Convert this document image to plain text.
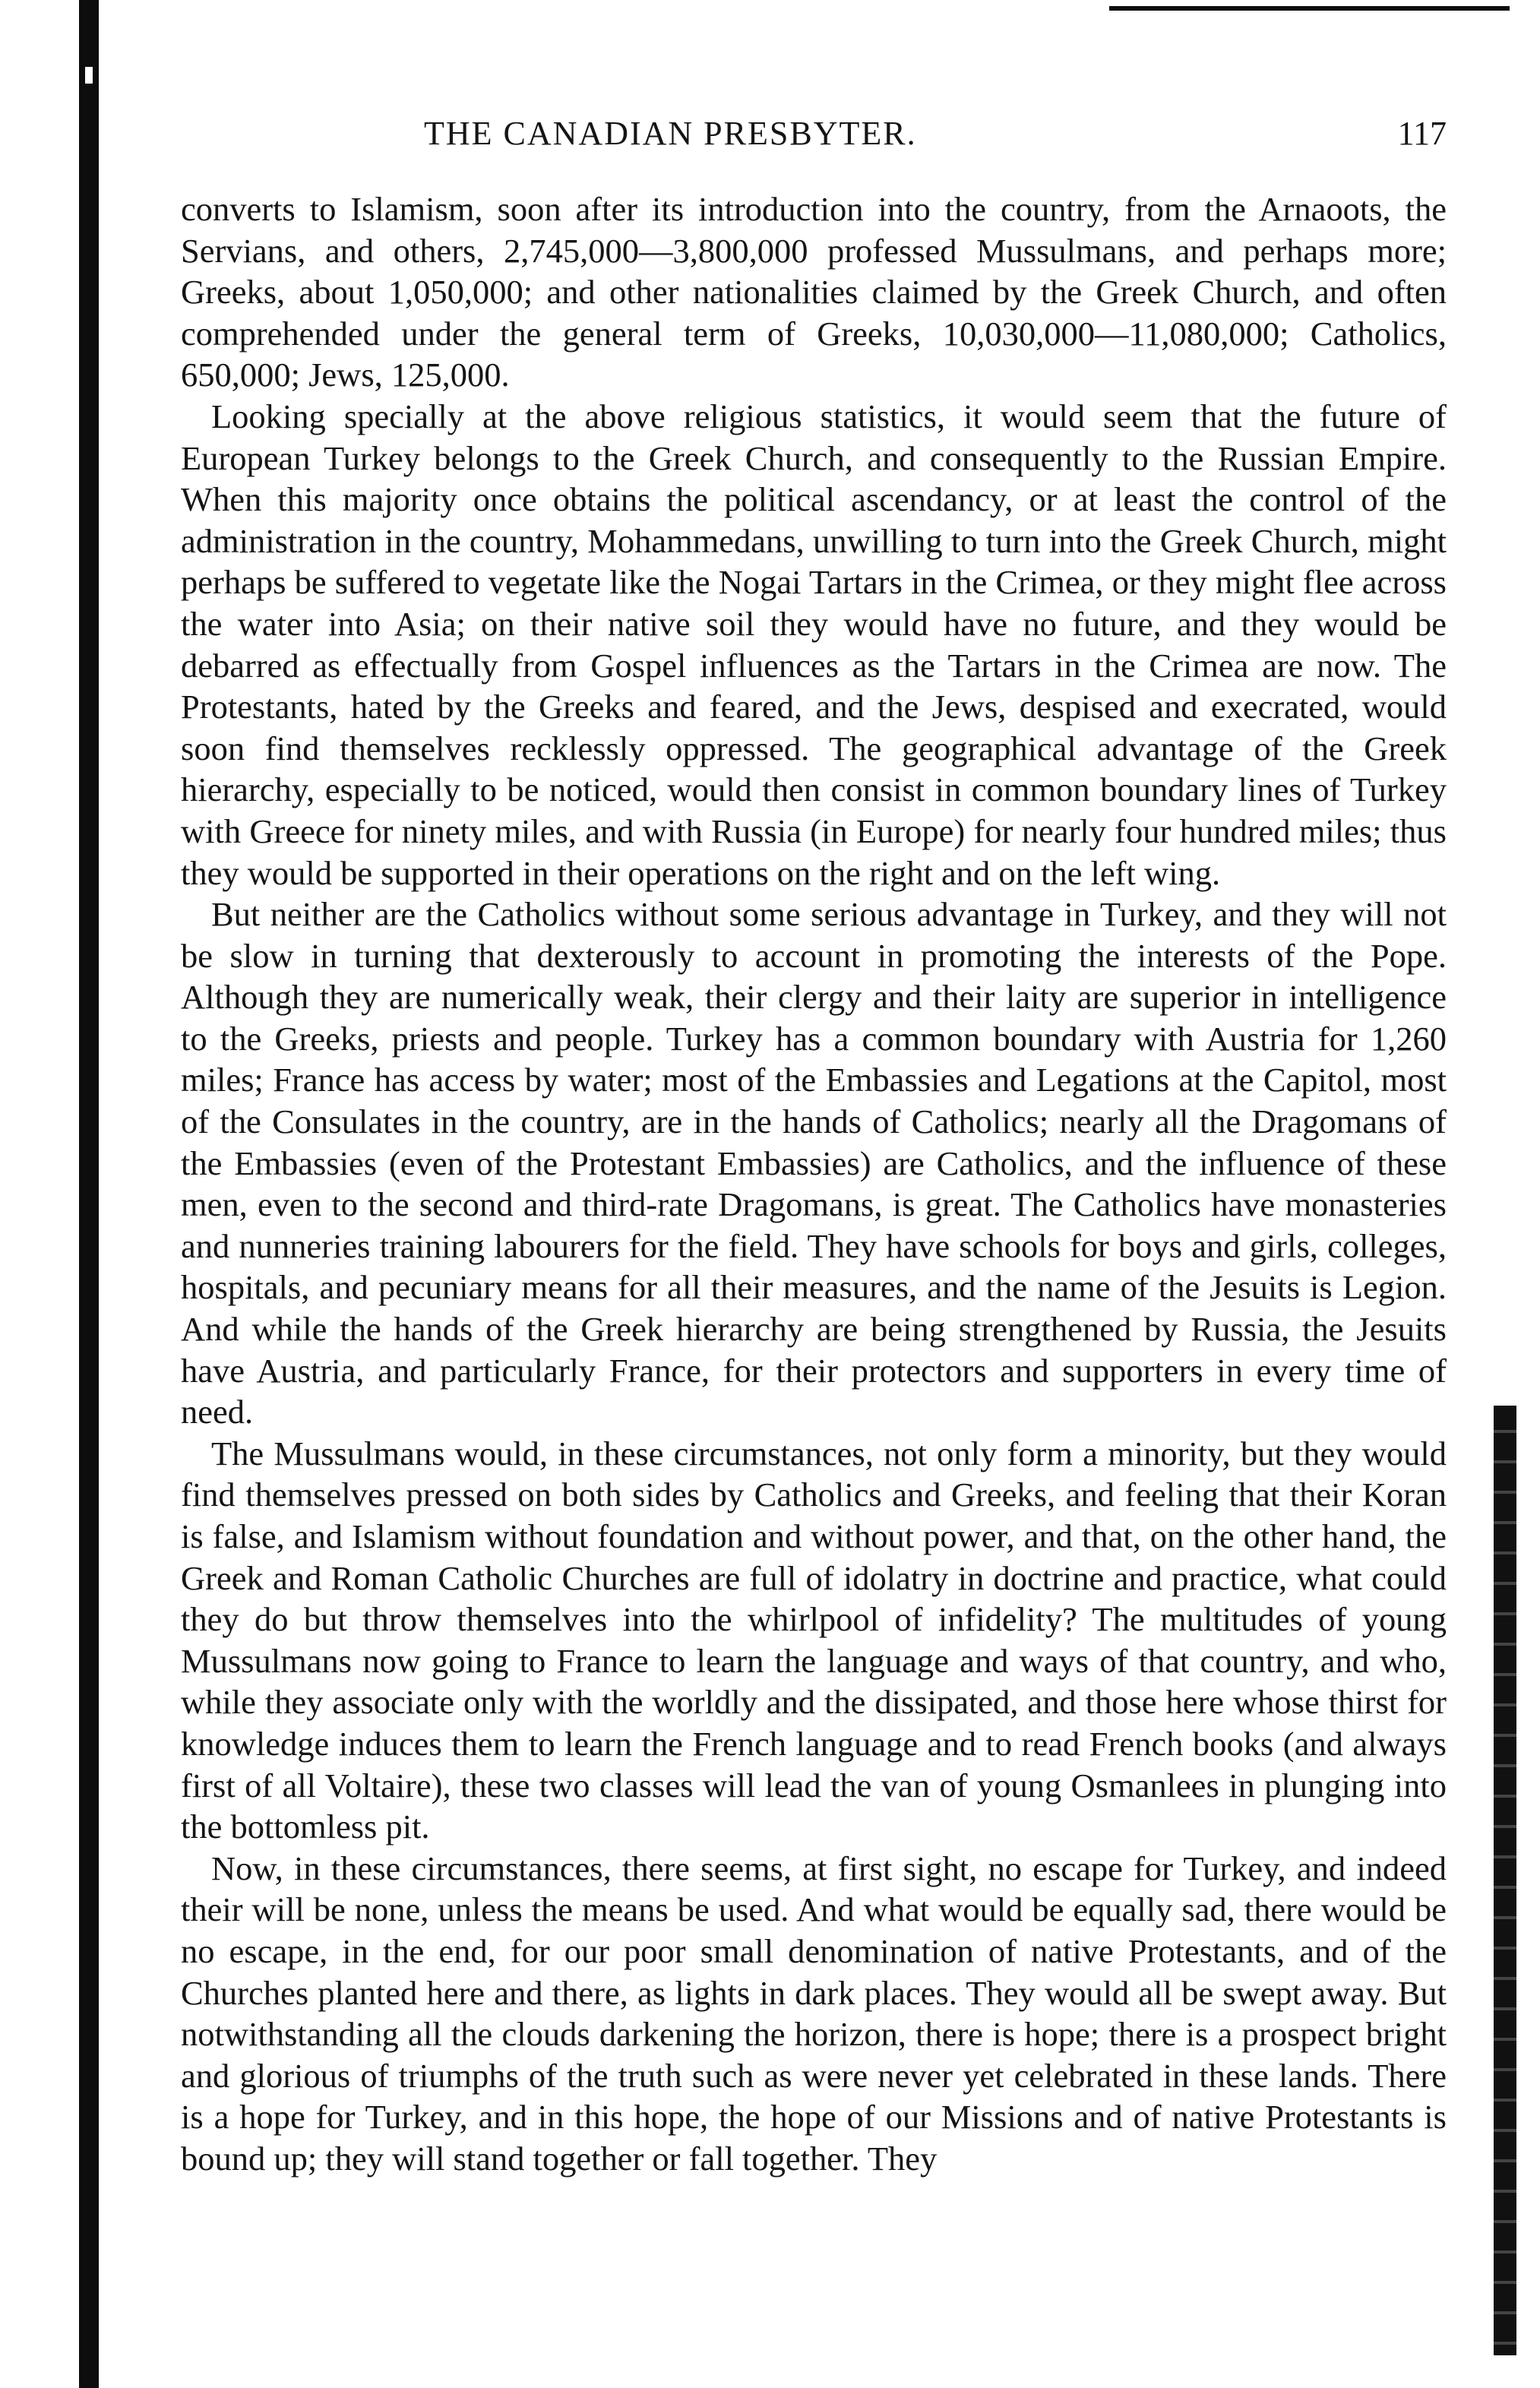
THE CANADIAN PRESBYTER.	117

converts to Islamism, soon after its introduction into the country, from the Arnaoots, the Servians, and others, 2,745,000—3,800,000 professed Mussulmans, and perhaps more; Greeks, about 1,050,000; and other nationalities claimed by the Greek Church, and often comprehended under the general term of Greeks, 10,030,000—11,080,000; Catholics, 650,000; Jews, 125,000.

Looking specially at the above religious statistics, it would seem that the future of European Turkey belongs to the Greek Church, and consequently to the Russian Empire. When this majority once obtains the political ascendancy, or at least the control of the administration in the country, Mohammedans, unwilling to turn into the Greek Church, might perhaps be suffered to vegetate like the Nogai Tartars in the Crimea, or they might flee across the water into Asia; on their native soil they would have no future, and they would be debarred as effectually from Gospel influences as the Tartars in the Crimea are now. The Protestants, hated by the Greeks and feared, and the Jews, despised and execrated, would soon find themselves recklessly oppressed. The geographical advantage of the Greek hierarchy, especially to be noticed, would then consist in common boundary lines of Turkey with Greece for ninety miles, and with Russia (in Europe) for nearly four hundred miles; thus they would be supported in their operations on the right and on the left wing.

But neither are the Catholics without some serious advantage in Turkey, and they will not be slow in turning that dexterously to account in promoting the interests of the Pope. Although they are numerically weak, their clergy and their laity are superior in intelligence to the Greeks, priests and people. Turkey has a common boundary with Austria for 1,260 miles; France has access by water; most of the Embassies and Legations at the Capitol, most of the Consulates in the country, are in the hands of Catholics; nearly all the Dragomans of the Embassies (even of the Protestant Embassies) are Catholics, and the influence of these men, even to the second and third-rate Dragomans, is great. The Catholics have monasteries and nunneries training labourers for the field. They have schools for boys and girls, colleges, hospitals, and pecuniary means for all their measures, and the name of the Jesuits is Legion. And while the hands of the Greek hierarchy are being strengthened by Russia, the Jesuits have Austria, and particularly France, for their protectors and supporters in every time of need.

The Mussulmans would, in these circumstances, not only form a minority, but they would find themselves pressed on both sides by Catholics and Greeks, and feeling that their Koran is false, and Islamism without foundation and without power, and that, on the other hand, the Greek and Roman Catholic Churches are full of idolatry in doctrine and practice, what could they do but throw themselves into the whirlpool of infidelity? The multitudes of young Mussulmans now going to France to learn the language and ways of that country, and who, while they associate only with the worldly and the dissipated, and those here whose thirst for knowledge induces them to learn the French language and to read French books (and always first of all Voltaire), these two classes will lead the van of young Osmanlees in plunging into the bottomless pit.

Now, in these circumstances, there seems, at first sight, no escape for Turkey, and indeed their will be none, unless the means be used. And what would be equally sad, there would be no escape, in the end, for our poor small denomination of native Protestants, and of the Churches planted here and there, as lights in dark places. They would all be swept away. But notwithstanding all the clouds darkening the horizon, there is hope; there is a prospect bright and glorious of triumphs of the truth such as were never yet celebrated in these lands. There is a hope for Turkey, and in this hope, the hope of our Missions and of native Protestants is bound up; they will stand together or fall together. They
